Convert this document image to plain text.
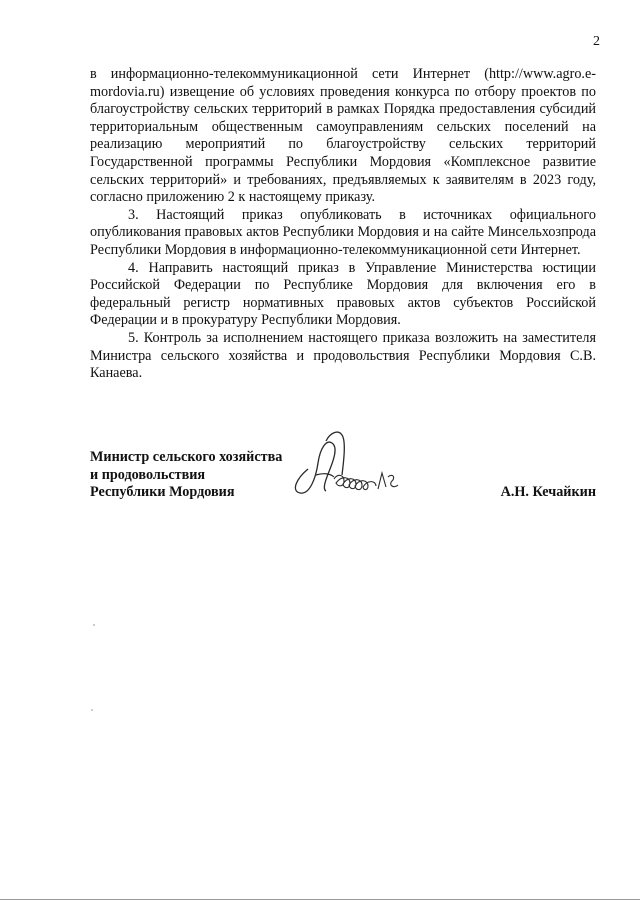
2

в информационно-телекоммуникационной сети Интернет (http://www.agro.e-mordovia.ru) извещение об условиях проведения конкурса по отбору проектов по благоустройству сельских территорий в рамках Порядка предоставления субсидий территориальным общественным самоуправлениям сельских поселений на реализацию мероприятий по благоустройству сельских территорий Государственной программы Республики Мордовия «Комплексное развитие сельских территорий» и требованиях, предъявляемых к заявителям в 2023 году, согласно приложению 2 к настоящему приказу.

3. Настоящий приказ опубликовать в источниках официального опубликования правовых актов Республики Мордовия и на сайте Минсельхозпрода Республики Мордовия в информационно-телекоммуникационной сети Интернет.

4. Направить настоящий приказ в Управление Министерства юстиции Российской Федерации по Республике Мордовия для включения его в федеральный регистр нормативных правовых актов субъектов Российской Федерации и в прокуратуру Республики Мордовия.

5. Контроль за исполнением настоящего приказа возложить на заместителя Министра сельского хозяйства и продовольствия Республики Мордовия С.В. Канаева.

Министр сельского хозяйства
и продовольствия
Республики Мордовия	А.Н. Кечайкин
